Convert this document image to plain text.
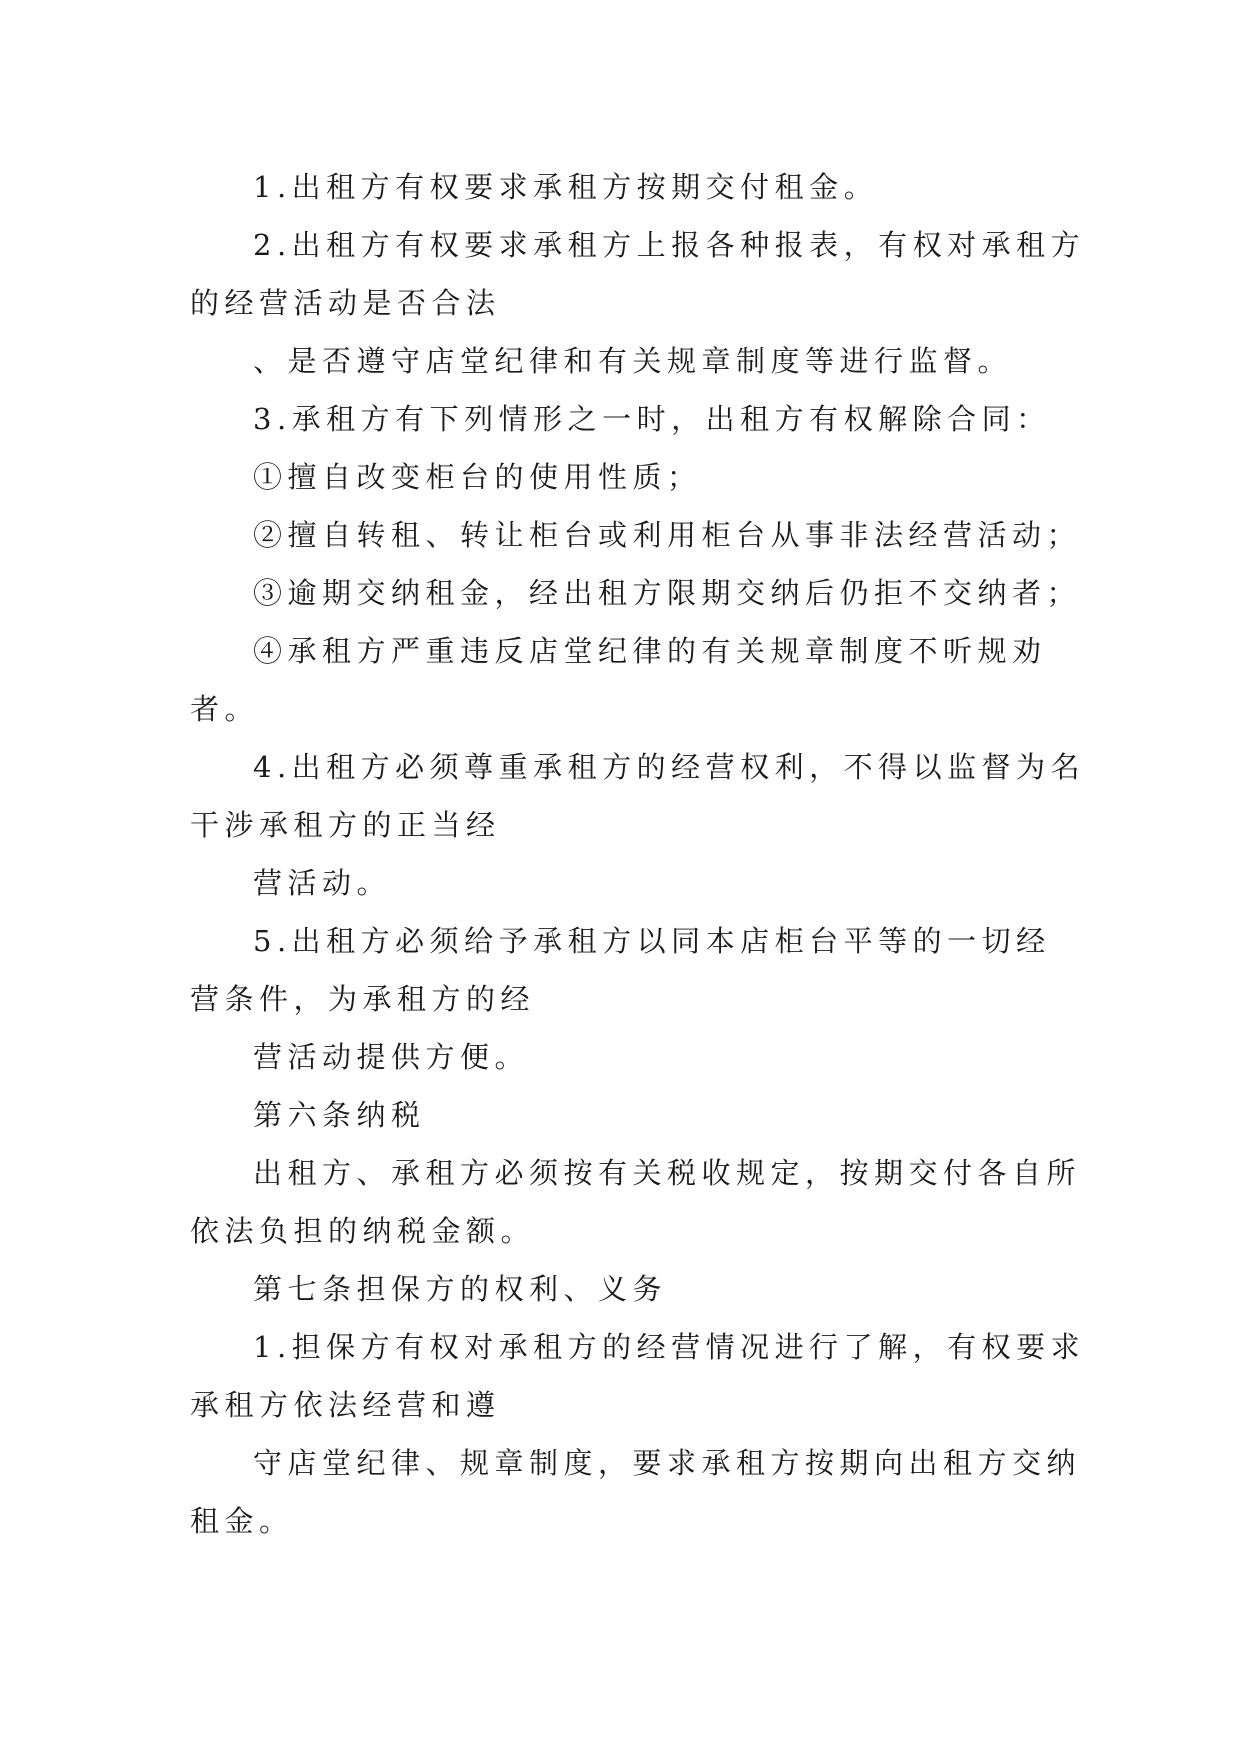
1.出租方有权要求承租方按期交付租金。
2.出租方有权要求承租方上报各种报表，有权对承租方
的经营活动是否合法
、是否遵守店堂纪律和有关规章制度等进行监督。
3.承租方有下列情形之一时，出租方有权解除合同：
①擅自改变柜台的使用性质；
②擅自转租、转让柜台或利用柜台从事非法经营活动；
③逾期交纳租金，经出租方限期交纳后仍拒不交纳者；
④承租方严重违反店堂纪律的有关规章制度不听规劝
者。
4.出租方必须尊重承租方的经营权利，不得以监督为名
干涉承租方的正当经
营活动。
5.出租方必须给予承租方以同本店柜台平等的一切经
营条件，为承租方的经
营活动提供方便。
第六条纳税
出租方、承租方必须按有关税收规定，按期交付各自所
依法负担的纳税金额。
第七条担保方的权利、义务
1.担保方有权对承租方的经营情况进行了解，有权要求
承租方依法经营和遵
守店堂纪律、规章制度，要求承租方按期向出租方交纳
租金。
